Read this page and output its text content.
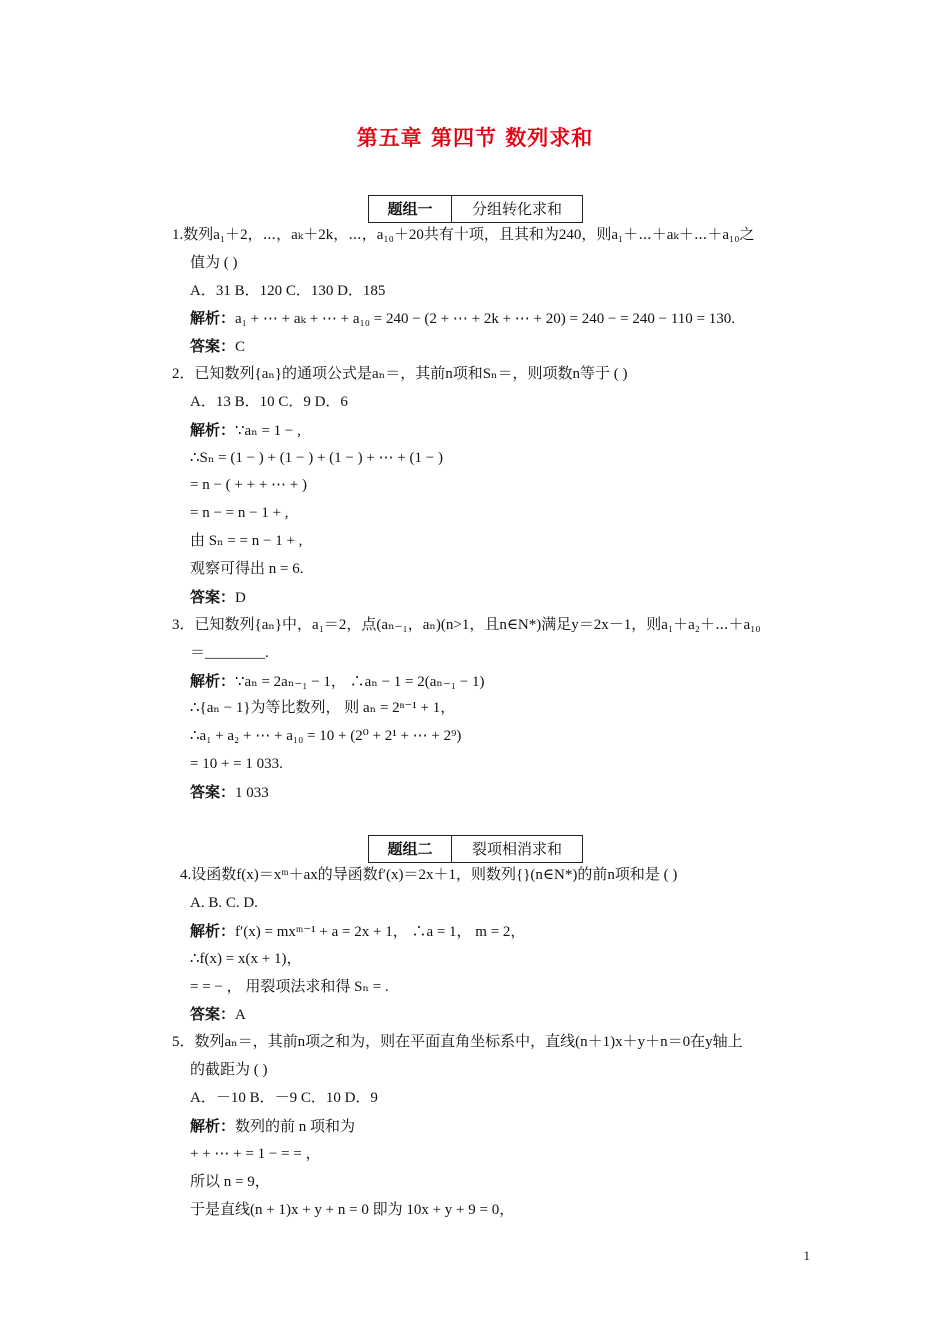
第五章 第四节 数列求和
题组一	分组转化求和
1.数列a₁＋2，⋯，aₖ＋2k，⋯，a₁₀＋20共有十项，且其和为240，则a₁＋⋯＋aₖ＋⋯＋a₁₀之
值为 ( )
A．31 B．120 C．130 D．185
解析：a₁ + ⋯ + aₖ + ⋯ + a₁₀ = 240 − (2 + ⋯ + 2k + ⋯ + 20) = 240 − = 240 − 110 = 130.
答案：C
2．已知数列{aₙ}的通项公式是aₙ＝，其前n项和Sₙ＝，则项数n等于 ( )
A．13 B．10 C．9 D．6
解析：∵aₙ = 1 − ,
∴Sₙ = (1 − ) + (1 − ) + (1 − ) + ⋯ + (1 − )
= n − ( + + + ⋯ + )
= n − = n − 1 + ,
由 Sₙ = = n − 1 + ,
观察可得出 n = 6.
答案：D
3．已知数列{aₙ}中，a₁＝2，点(aₙ₋₁，aₙ)(n>1，且n∈N*)满足y＝2x－1，则a₁＋a₂＋⋯＋a₁₀
＝________.
解析：∵aₙ = 2aₙ₋₁ − 1， ∴aₙ − 1 = 2(aₙ₋₁ − 1)
∴{aₙ − 1}为等比数列， 则 aₙ = 2ⁿ⁻¹ + 1，
∴a₁ + a₂ + ⋯ + a₁₀ = 10 + (2⁰ + 2¹ + ⋯ + 2⁹)
= 10 + = 1 033.
答案：1 033
题组二	裂项相消求和
4.设函数f(x)＝xᵐ＋ax的导函数f′(x)＝2x＋1，则数列{}(n∈N*)的前n项和是 ( )
A. B. C. D.
解析：f′(x) = mxᵐ⁻¹ + a = 2x + 1， ∴a = 1， m = 2，
∴f(x) = x(x + 1)，
= = − ， 用裂项法求和得 Sₙ = .
答案：A
5．数列aₙ＝，其前n项之和为，则在平面直角坐标系中，直线(n＋1)x＋y＋n＝0在y轴上
的截距为 ( )
A．－10 B．－9 C．10 D．9
解析：数列的前 n 项和为
+ + ⋯ + = 1 − = = ，
所以 n = 9，
于是直线(n + 1)x + y + n = 0 即为 10x + y + 9 = 0，
1
